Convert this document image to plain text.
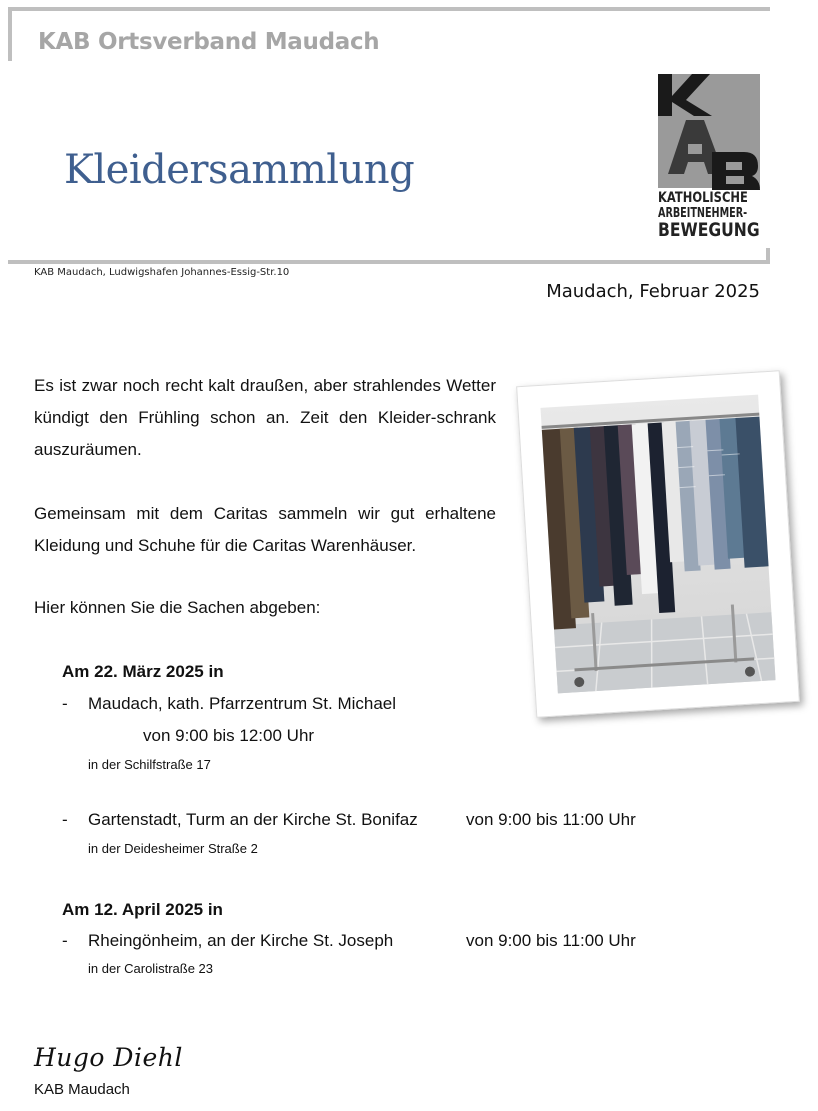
KAB Ortsverband Maudach
Kleidersammlung
KATHOLISCHE
ARBEITNEHMER-
BEWEGUNG
KAB Maudach, Ludwigshafen Johannes-Essig-Str.10
Maudach, Februar 2025
Es ist zwar noch recht kalt draußen, aber strahlendes Wetter kündigt den Frühling schon an. Zeit den Kleider-schrank auszuräumen.
Gemeinsam mit dem Caritas sammeln wir gut erhaltene Kleidung und Schuhe für die Caritas Warenhäuser.
Hier können Sie die Sachen abgeben:
Am 22. März 2025 in
- Maudach, kath. Pfarrzentrum St. Michael
von 9:00 bis 12:00 Uhr
in der Schilfstraße 17
- Gartenstadt, Turm an der Kirche St. Bonifaz	von 9:00 bis 11:00 Uhr
in der Deidesheimer Straße 2
Am 12. April 2025 in
- Rheingönheim, an der Kirche St. Joseph	von 9:00 bis 11:00 Uhr
in der Carolistraße 23
Hugo Diehl
KAB Maudach
